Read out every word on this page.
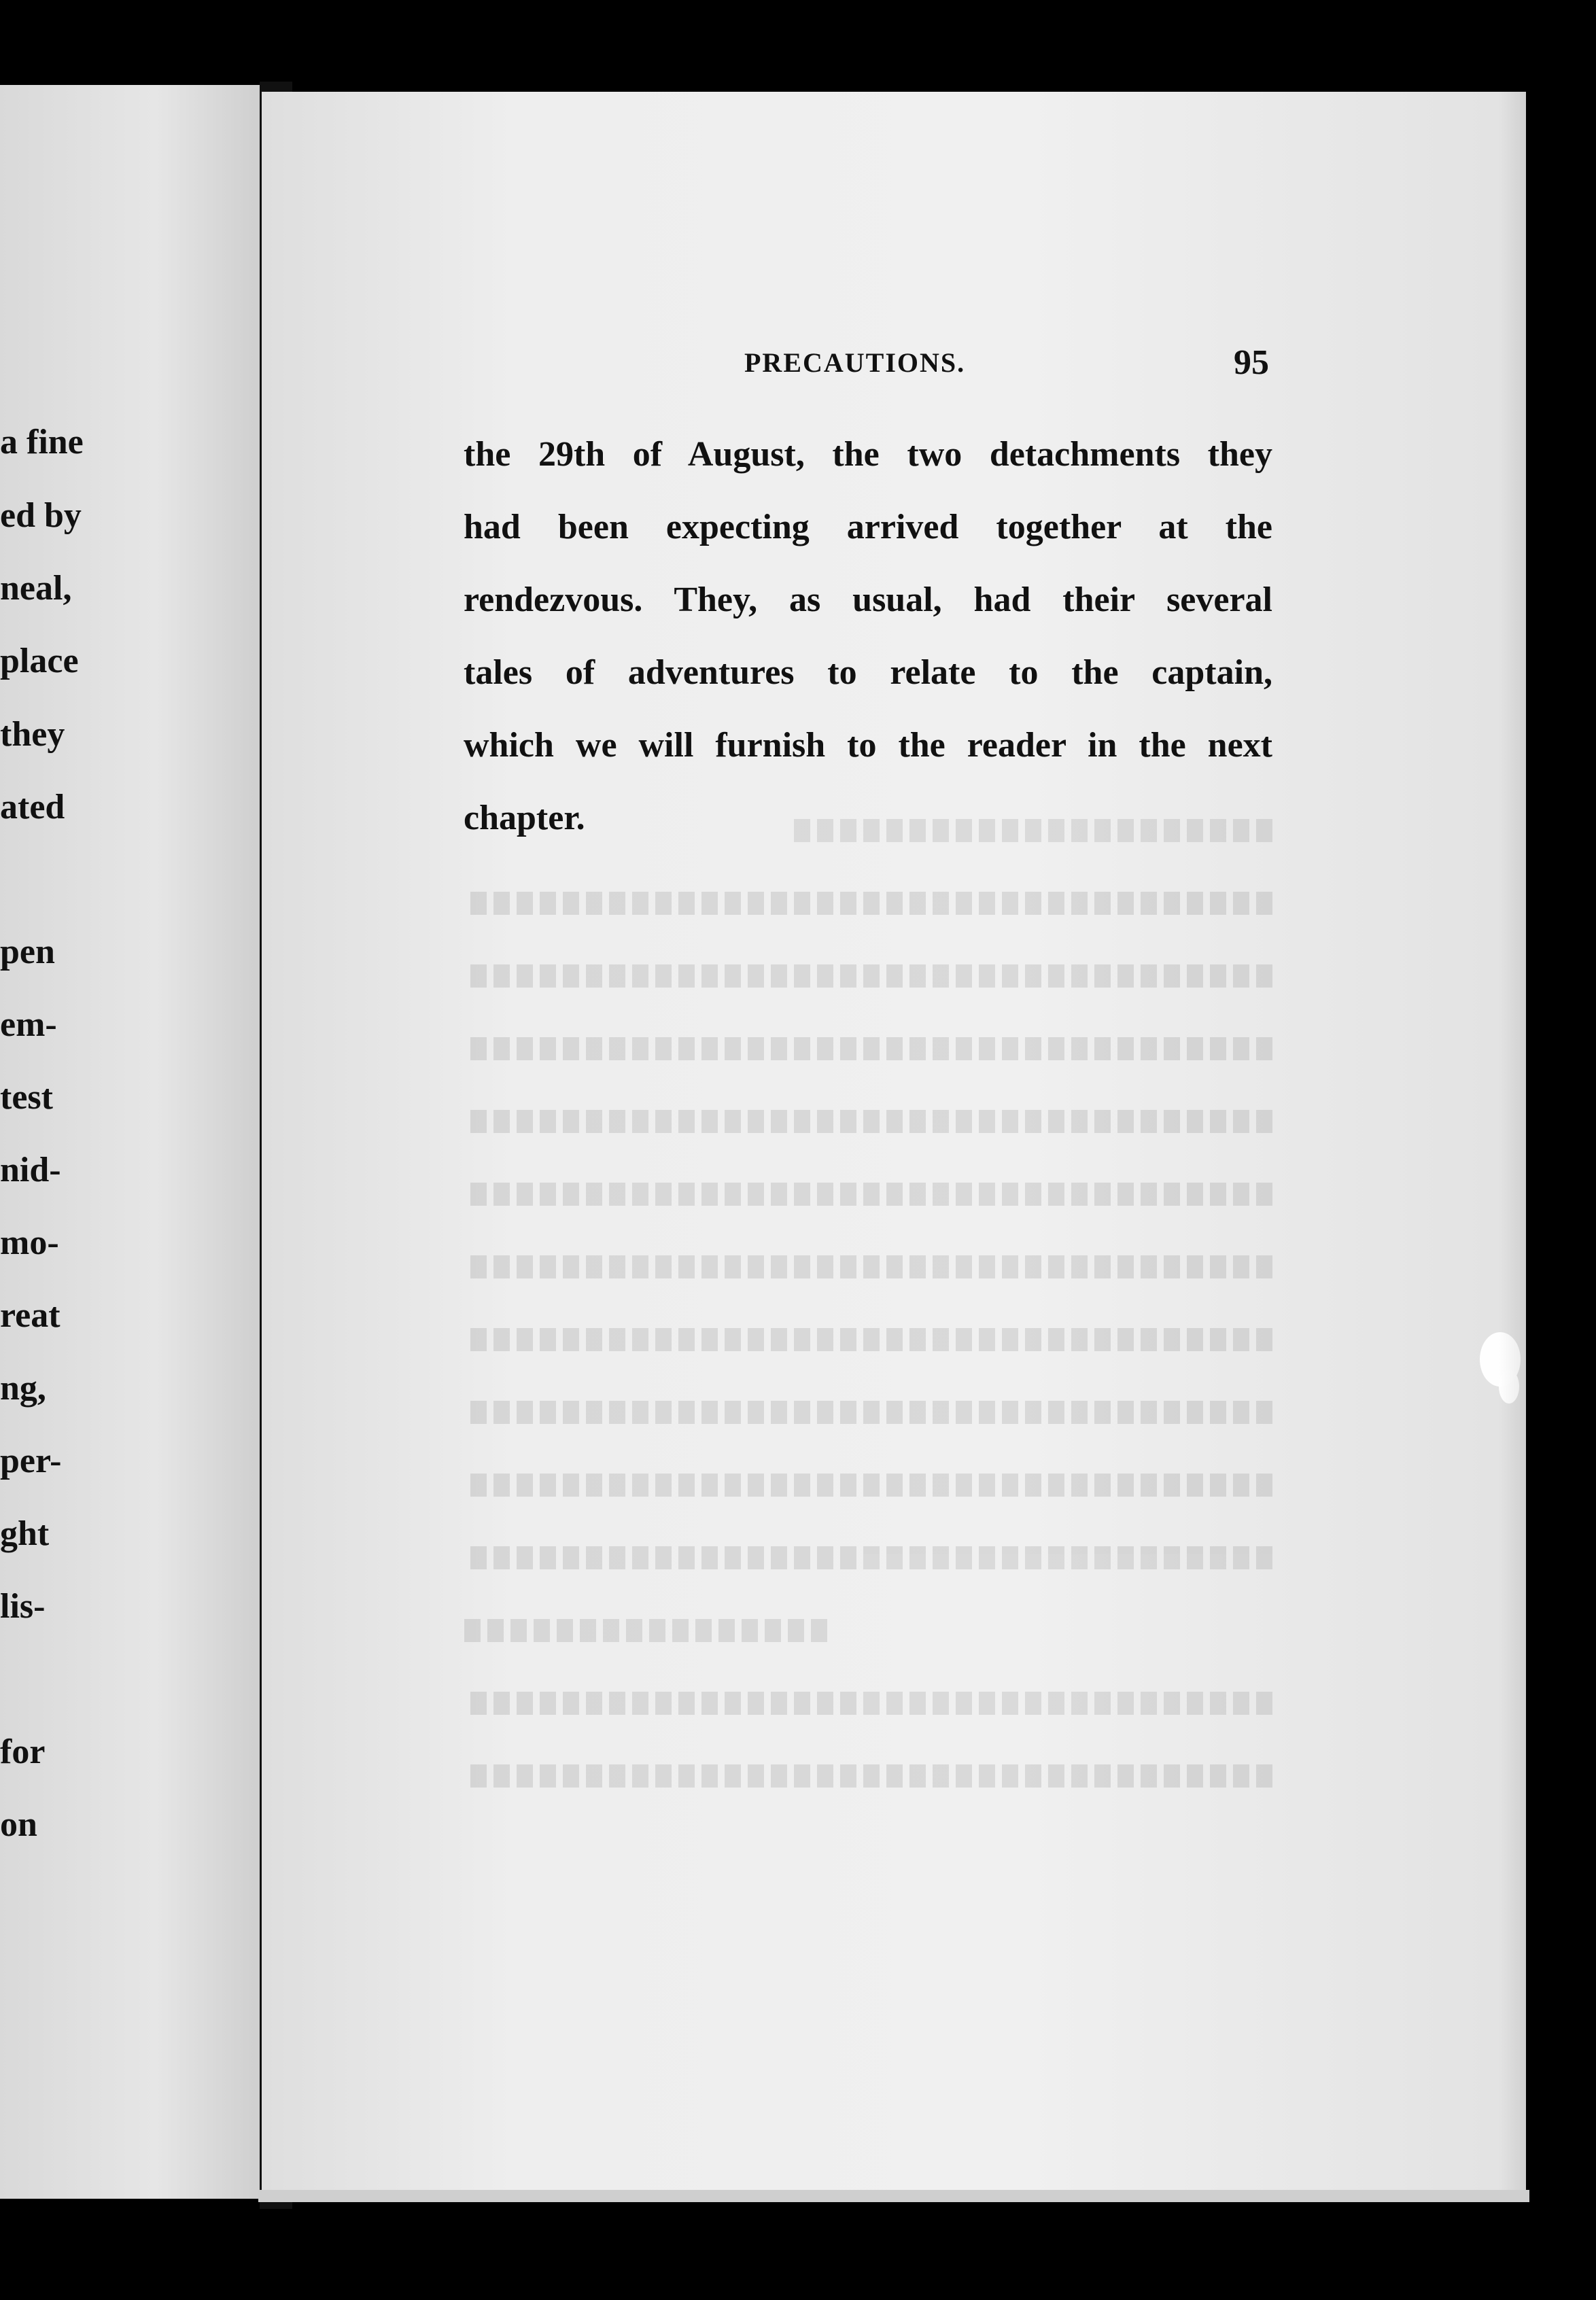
a fine
ed by
neal,
place
they
ated
pen
em-
test
nid-
mo-
reat
ng,
per-
ght
lis-
for
on
PRECAUTIONS.	95
the 29th of August, the two detachments they
had been expecting arrived together at the
rendezvous. They, as usual, had their several
tales of adventures to relate to the captain,
which we will furnish to the reader in the next
chapter.
